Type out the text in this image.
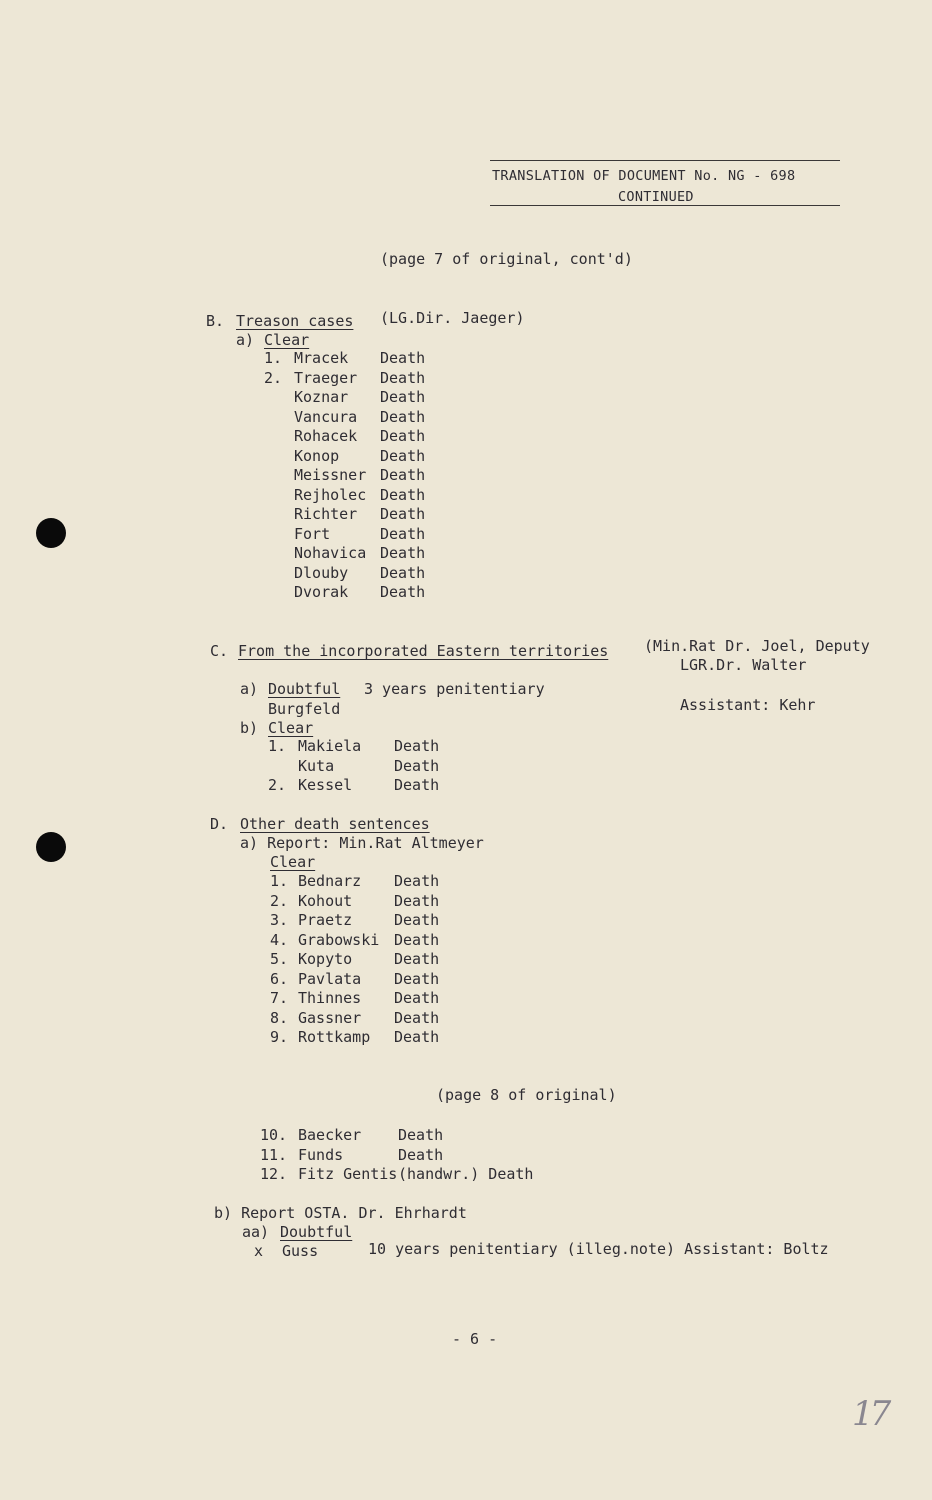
TRANSLATION OF DOCUMENT No. NG - 698
CONTINUED
(page 7 of original, cont'd)
B. Treason cases (LG.Dir. Jaeger)
a) Clear
1. Mracek	Death
2. Traeger	Death
Koznar	Death
Vancura	Death
Rohacek	Death
Konop	Death
Meissner Death
Rejholec Death
Richter	Death
Fort	Death
Nohavica Death
Dlouby	Death
Dvorak	Death
C. From the incorporated Eastern territories (Min.Rat Dr. Joel, Deputy
LGR.Dr. Walter
Assistant: Kehr
a) Doubtful 3 years penitentiary
Burgfeld
b) Clear
1. Makiela	Death
Kuta	Death
2. Kessel	Death
D. Other death sentences
a) Report: Min.Rat Altmeyer
Clear
1. Bednarz	Death
2. Kohout	Death
3. Praetz	Death
4. Grabowski Death
5. Kopyto	Death
6. Pavlata	Death
7. Thinnes	Death
8. Gassner	Death
9. Rottkamp	Death
(page 8 of original)
10. Baecker	Death
11. Funds	Death
12. Fitz Gentis (handwr.) Death
b) Report OSTA. Dr. Ehrhardt
aa) Doubtful
x Guss	10 years penitentiary (illeg.note) Assistant: Boltz
- 6 -
17
